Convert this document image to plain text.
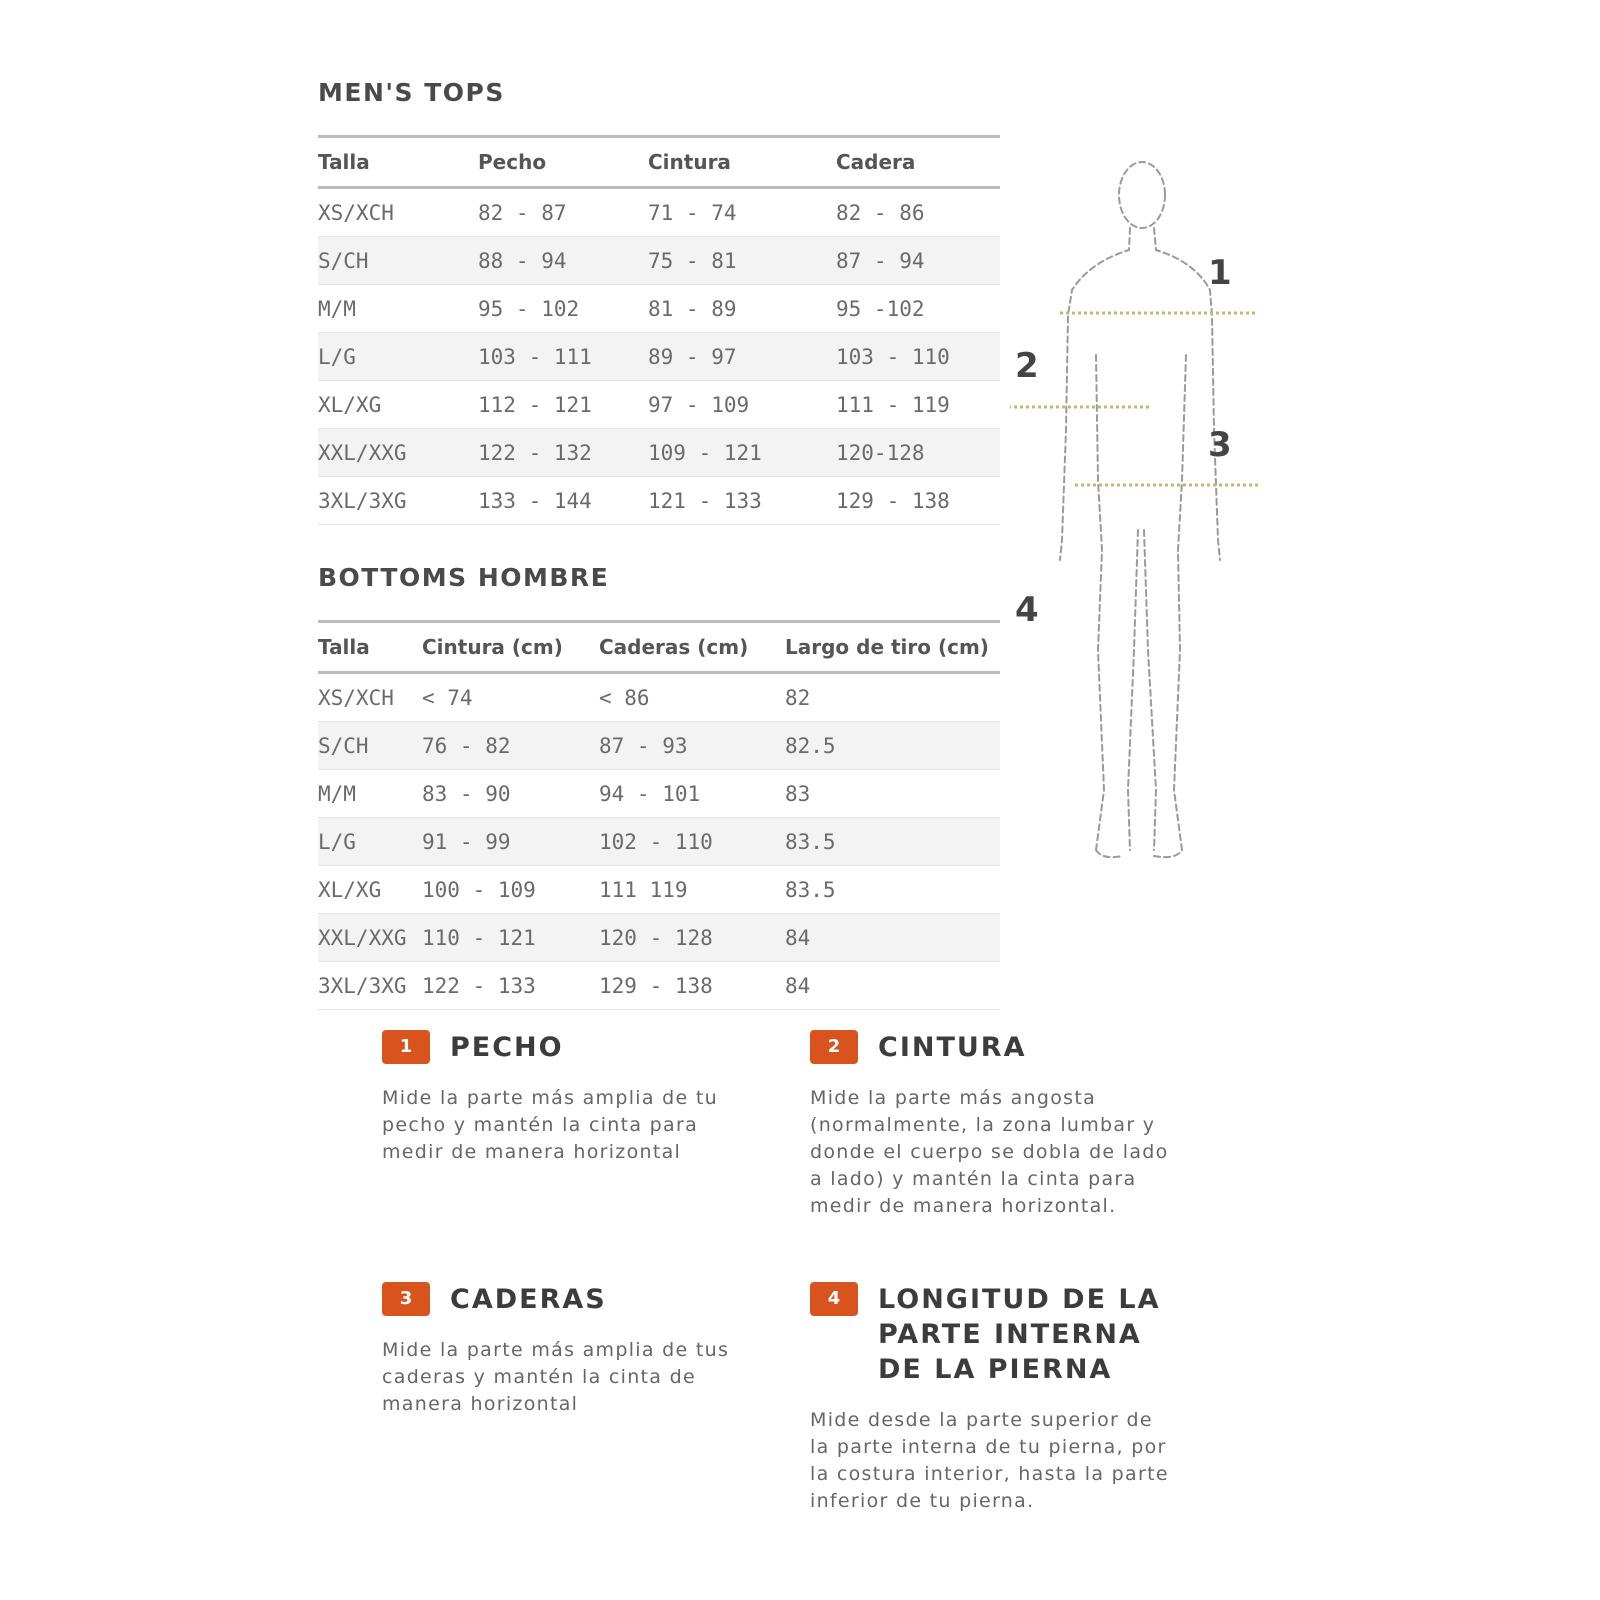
MEN'S TOPS
Talla	Pecho	Cintura	Cadera
XS/XCH	82 - 87	71 - 74	82 - 86
S/CH	88 - 94	75 - 81	87 - 94
M/M	95 - 102	81 - 89	95 -102
L/G	103 - 111	89 - 97	103 - 110
XL/XG	112 - 121	97 - 109	111 - 119
XXL/XXG	122 - 132	109 - 121	120-128
3XL/3XG	133 - 144	121 - 133	129 - 138
BOTTOMS HOMBRE
Talla	Cintura (cm)	Caderas (cm)	Largo de tiro (cm)
XS/XCH	< 74	< 86	82
S/CH	76 - 82	87 - 93	82.5
M/M	83 - 90	94 - 101	83
L/G	91 - 99	102 - 110	83.5
XL/XG	100 - 109	111 119	83.5
XXL/XXG	110 - 121	120 - 128	84
3XL/3XG	122 - 133	129 - 138	84
1
2
3
4
1	PECHO
Mide la parte más amplia de tu pecho y mantén la cinta para medir de manera horizontal
2	CINTURA
Mide la parte más angosta (normalmente, la zona lumbar y donde el cuerpo se dobla de lado a lado) y mantén la cinta para medir de manera horizontal.
3	CADERAS
Mide la parte más amplia de tus caderas y mantén la cinta de manera horizontal
4	LONGITUD DE LA PARTE INTERNA DE LA PIERNA
Mide desde la parte superior de la parte interna de tu pierna, por la costura interior, hasta la parte inferior de tu pierna.
